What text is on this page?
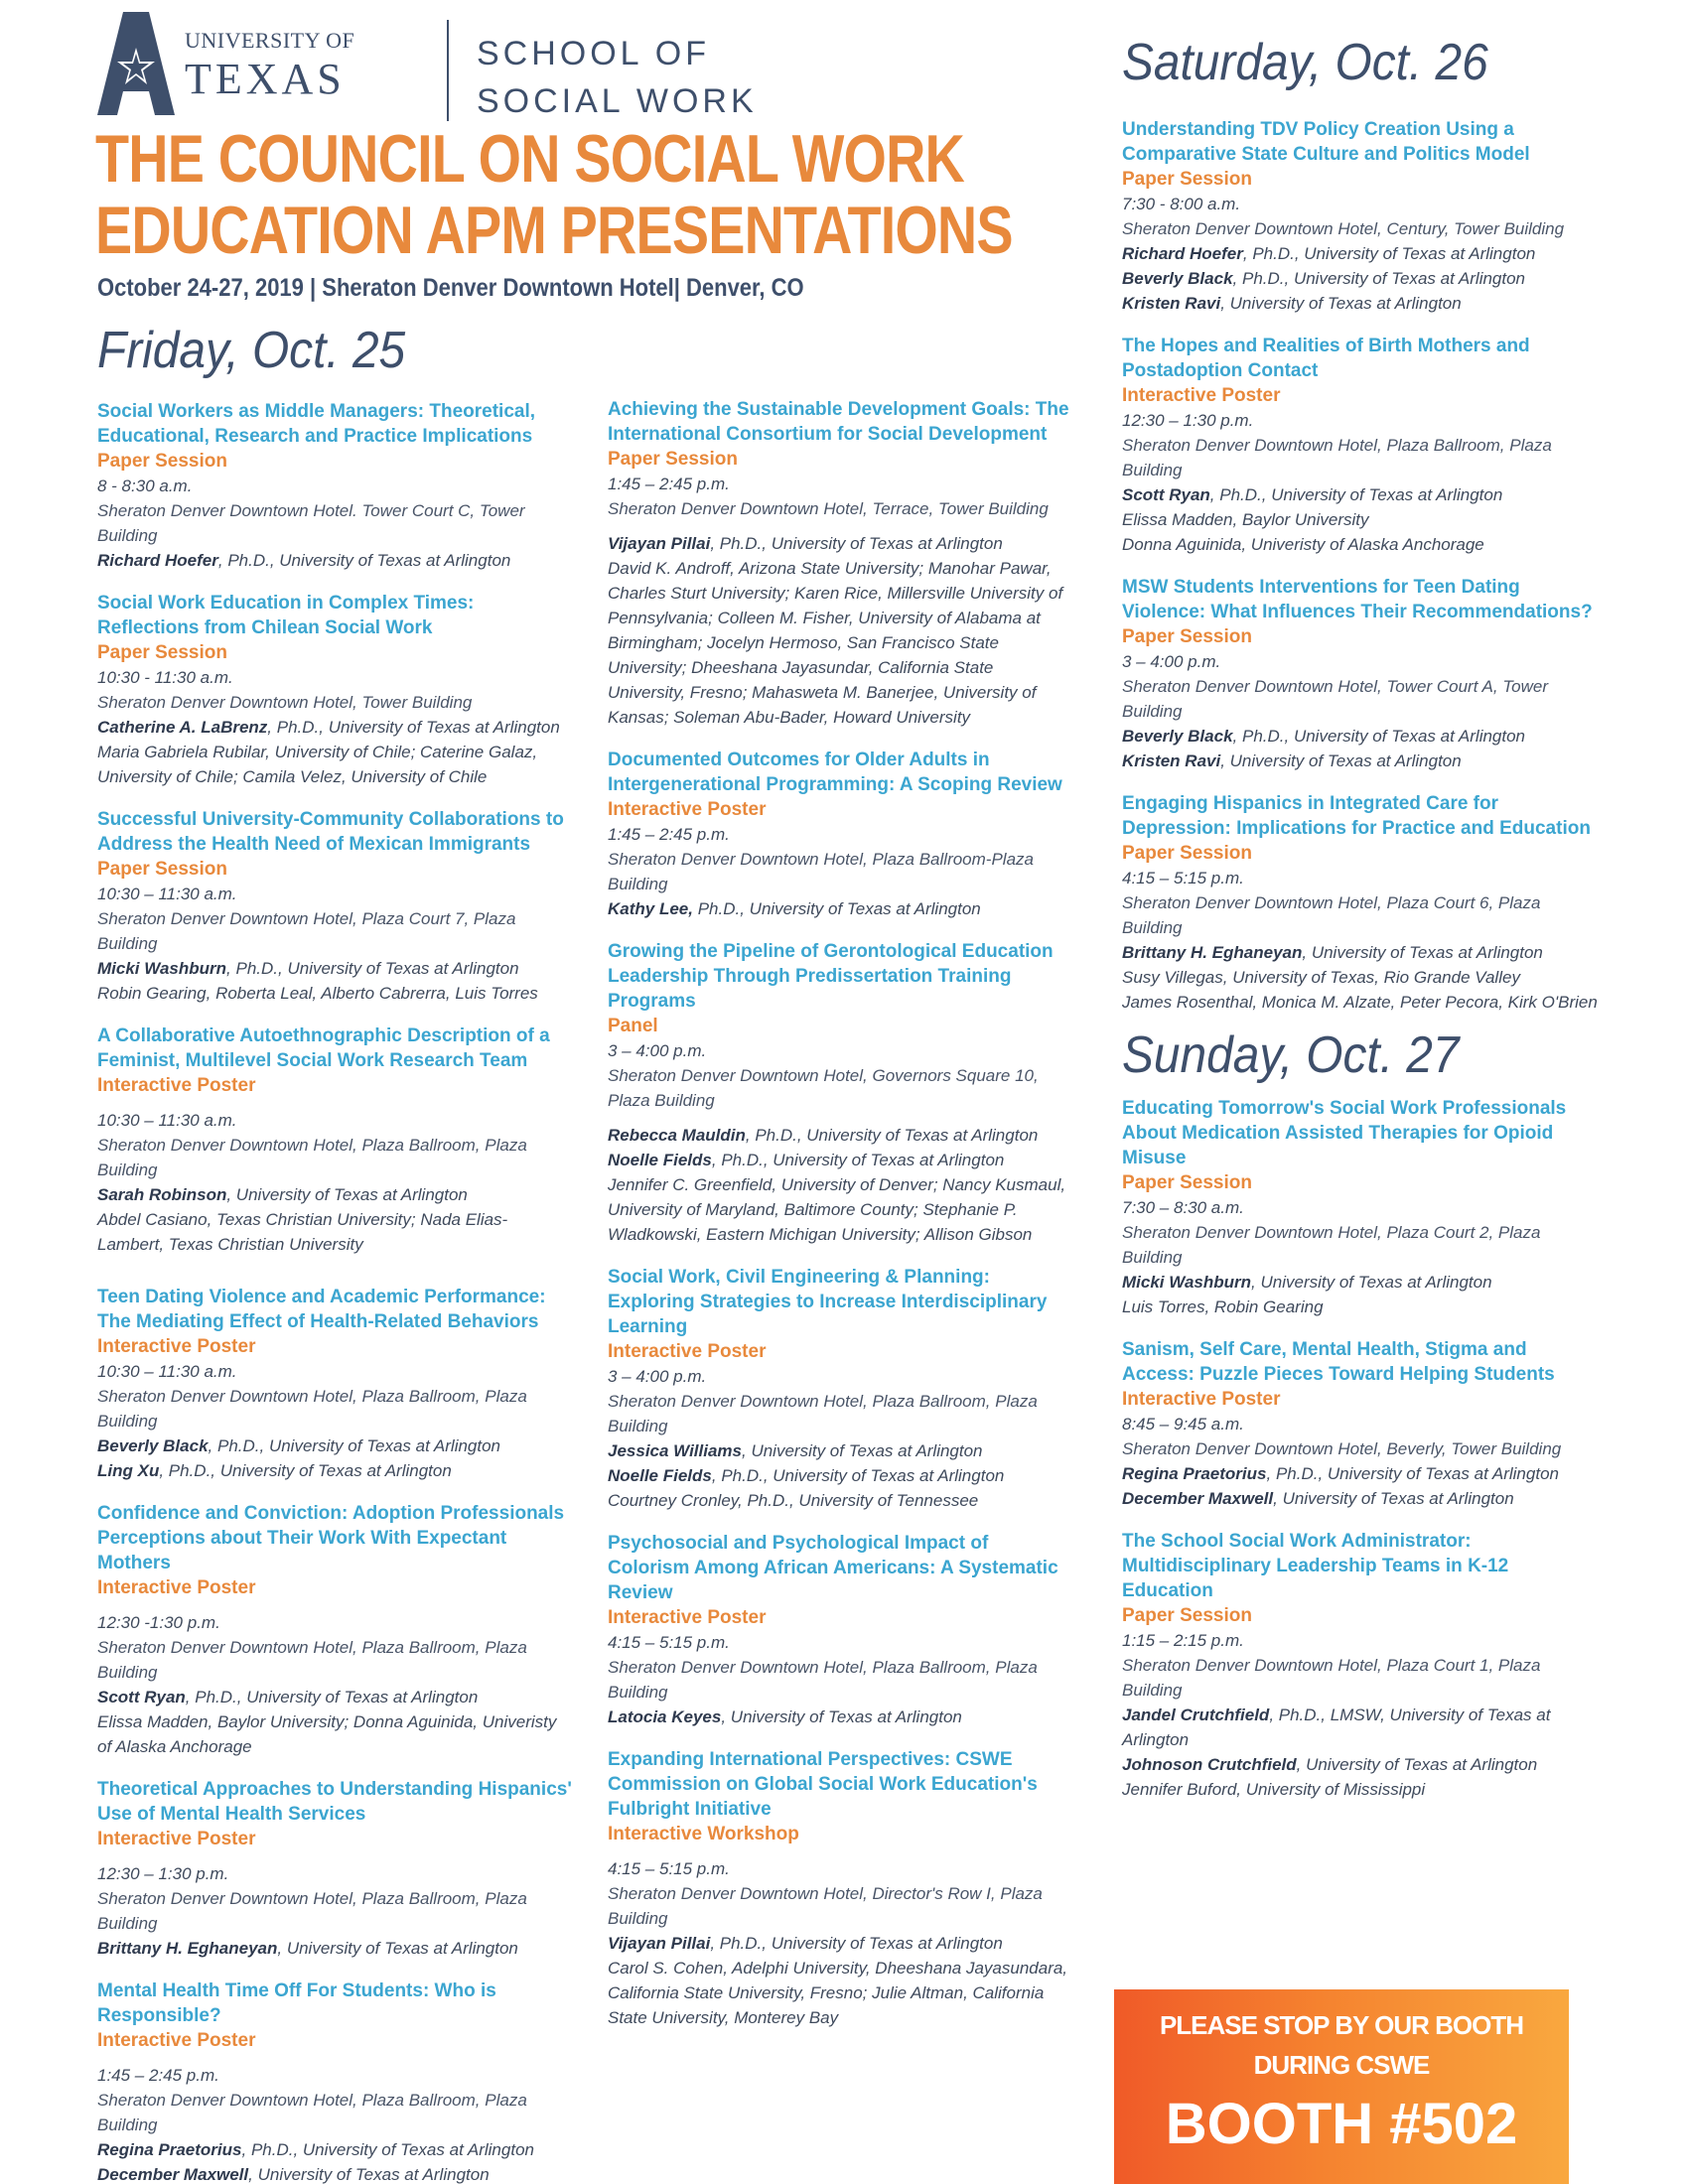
UNIVERSITY OF
TEXAS
SCHOOL OF
SOCIAL WORK
THE COUNCIL ON SOCIAL WORK
EDUCATION APM PRESENTATIONS
October 24-27, 2019 | Sheraton Denver Downtown Hotel| Denver, CO
Friday, Oct. 25
Social Workers as Middle Managers: Theoretical, Educational, Research and Practice Implications
Paper Session
8 - 8:30 a.m.
Sheraton Denver Downtown Hotel. Tower Court C, Tower Building
Richard Hoefer, Ph.D., University of Texas at Arlington
Social Work Education in Complex Times: Reflections from Chilean Social Work
Paper Session
10:30 - 11:30 a.m.
Sheraton Denver Downtown Hotel, Tower Building
Catherine A. LaBrenz, Ph.D., University of Texas at Arlington
Maria Gabriela Rubilar, University of Chile; Caterine Galaz, University of Chile; Camila Velez, University of Chile
Successful University-Community Collaborations to Address the Health Need of Mexican Immigrants
Paper Session
10:30 – 11:30 a.m.
Sheraton Denver Downtown Hotel, Plaza Court 7, Plaza Building
Micki Washburn, Ph.D., University of Texas at Arlington
Robin Gearing, Roberta Leal, Alberto Cabrerra, Luis Torres
A Collaborative Autoethnographic Description of a Feminist, Multilevel Social Work Research Team
Interactive Poster
10:30 – 11:30 a.m.
Sheraton Denver Downtown Hotel, Plaza Ballroom, Plaza Building
Sarah Robinson, University of Texas at Arlington
Abdel Casiano, Texas Christian University; Nada Elias-Lambert, Texas Christian University
Teen Dating Violence and Academic Performance: The Mediating Effect of Health-Related Behaviors
Interactive Poster
10:30 – 11:30 a.m.
Sheraton Denver Downtown Hotel, Plaza Ballroom, Plaza Building
Beverly Black, Ph.D., University of Texas at Arlington
Ling Xu, Ph.D., University of Texas at Arlington
Confidence and Conviction: Adoption Professionals Perceptions about Their Work With Expectant Mothers
Interactive Poster
12:30 -1:30 p.m.
Sheraton Denver Downtown Hotel, Plaza Ballroom, Plaza Building
Scott Ryan, Ph.D., University of Texas at Arlington
Elissa Madden, Baylor University; Donna Aguinida, Univeristy of Alaska Anchorage
Theoretical Approaches to Understanding Hispanics' Use of Mental Health Services
Interactive Poster
12:30 – 1:30 p.m.
Sheraton Denver Downtown Hotel, Plaza Ballroom, Plaza Building
Brittany H. Eghaneyan, University of Texas at Arlington
Mental Health Time Off For Students: Who is Responsible?
Interactive Poster
1:45 – 2:45 p.m.
Sheraton Denver Downtown Hotel, Plaza Ballroom, Plaza Building
Regina Praetorius, Ph.D., University of Texas at Arlington
December Maxwell, University of Texas at Arlington
Achieving the Sustainable Development Goals: The International Consortium for Social Development
Paper Session
1:45 – 2:45 p.m.
Sheraton Denver Downtown Hotel, Terrace, Tower Building
Vijayan Pillai, Ph.D., University of Texas at Arlington
David K. Androff, Arizona State University; Manohar Pawar, Charles Sturt University; Karen Rice, Millersville University of Pennsylvania; Colleen M. Fisher, University of Alabama at Birmingham; Jocelyn Hermoso, San Francisco State University; Dheeshana Jayasundar, California State University, Fresno; Mahasweta M. Banerjee, University of Kansas; Soleman Abu-Bader, Howard University
Documented Outcomes for Older Adults in Intergenerational Programming: A Scoping Review
Interactive Poster
1:45 – 2:45 p.m.
Sheraton Denver Downtown Hotel, Plaza Ballroom-Plaza Building
Kathy Lee, Ph.D., University of Texas at Arlington
Growing the Pipeline of Gerontological Education Leadership Through Predissertation Training Programs
Panel
3 – 4:00 p.m.
Sheraton Denver Downtown Hotel, Governors Square 10, Plaza Building
Rebecca Mauldin, Ph.D., University of Texas at Arlington
Noelle Fields, Ph.D., University of Texas at Arlington
Jennifer C. Greenfield, University of Denver; Nancy Kusmaul, University of Maryland, Baltimore County; Stephanie P. Wladkowski, Eastern Michigan University; Allison Gibson
Social Work, Civil Engineering & Planning: Exploring Strategies to Increase Interdisciplinary Learning
Interactive Poster
3 – 4:00 p.m.
Sheraton Denver Downtown Hotel, Plaza Ballroom, Plaza Building
Jessica Williams, University of Texas at Arlington
Noelle Fields, Ph.D., University of Texas at Arlington
Courtney Cronley, Ph.D., University of Tennessee
Psychosocial and Psychological Impact of Colorism Among African Americans: A Systematic Review
Interactive Poster
4:15 – 5:15 p.m.
Sheraton Denver Downtown Hotel, Plaza Ballroom, Plaza Building
Latocia Keyes, University of Texas at Arlington
Expanding International Perspectives: CSWE Commission on Global Social Work Education's Fulbright Initiative
Interactive Workshop
4:15 – 5:15 p.m.
Sheraton Denver Downtown Hotel, Director's Row I, Plaza Building
Vijayan Pillai, Ph.D., University of Texas at Arlington
Carol S. Cohen, Adelphi University, Dheeshana Jayasundara, California State University, Fresno; Julie Altman, California State University, Monterey Bay
Saturday, Oct. 26
Understanding TDV Policy Creation Using a Comparative State Culture and Politics Model
Paper Session
7:30 - 8:00 a.m.
Sheraton Denver Downtown Hotel, Century, Tower Building
Richard Hoefer, Ph.D., University of Texas at Arlington
Beverly Black, Ph.D., University of Texas at Arlington
Kristen Ravi, University of Texas at Arlington
The Hopes and Realities of Birth Mothers and Postadoption Contact
Interactive Poster
12:30 – 1:30 p.m.
Sheraton Denver Downtown Hotel, Plaza Ballroom, Plaza Building
Scott Ryan, Ph.D., University of Texas at Arlington
Elissa Madden, Baylor University
Donna Aguinida, Univeristy of Alaska Anchorage
MSW Students Interventions for Teen Dating Violence: What Influences Their Recommendations?
Paper Session
3 – 4:00 p.m.
Sheraton Denver Downtown Hotel, Tower Court A, Tower Building
Beverly Black, Ph.D., University of Texas at Arlington
Kristen Ravi, University of Texas at Arlington
Engaging Hispanics in Integrated Care for Depression: Implications for Practice and Education
Paper Session
4:15 – 5:15 p.m.
Sheraton Denver Downtown Hotel, Plaza Court 6, Plaza Building
Brittany H. Eghaneyan, University of Texas at Arlington
Susy Villegas, University of Texas, Rio Grande Valley
James Rosenthal, Monica M. Alzate, Peter Pecora, Kirk O'Brien
Sunday, Oct. 27
Educating Tomorrow's Social Work Professionals About Medication Assisted Therapies for Opioid Misuse
Paper Session
7:30 – 8:30 a.m.
Sheraton Denver Downtown Hotel, Plaza Court 2, Plaza Building
Micki Washburn, University of Texas at Arlington
Luis Torres, Robin Gearing
Sanism, Self Care, Mental Health, Stigma and Access: Puzzle Pieces Toward Helping Students
Interactive Poster
8:45 – 9:45 a.m.
Sheraton Denver Downtown Hotel, Beverly, Tower Building
Regina Praetorius, Ph.D., University of Texas at Arlington
December Maxwell, University of Texas at Arlington
The School Social Work Administrator: Multidisciplinary Leadership Teams in K-12 Education
Paper Session
1:15 – 2:15 p.m.
Sheraton Denver Downtown Hotel, Plaza Court 1, Plaza Building
Jandel Crutchfield, Ph.D., LMSW, University of Texas at Arlington
Johnoson Crutchfield, University of Texas at Arlington
Jennifer Buford, University of Mississippi
PLEASE STOP BY OUR BOOTH
DURING CSWE
BOOTH #502
